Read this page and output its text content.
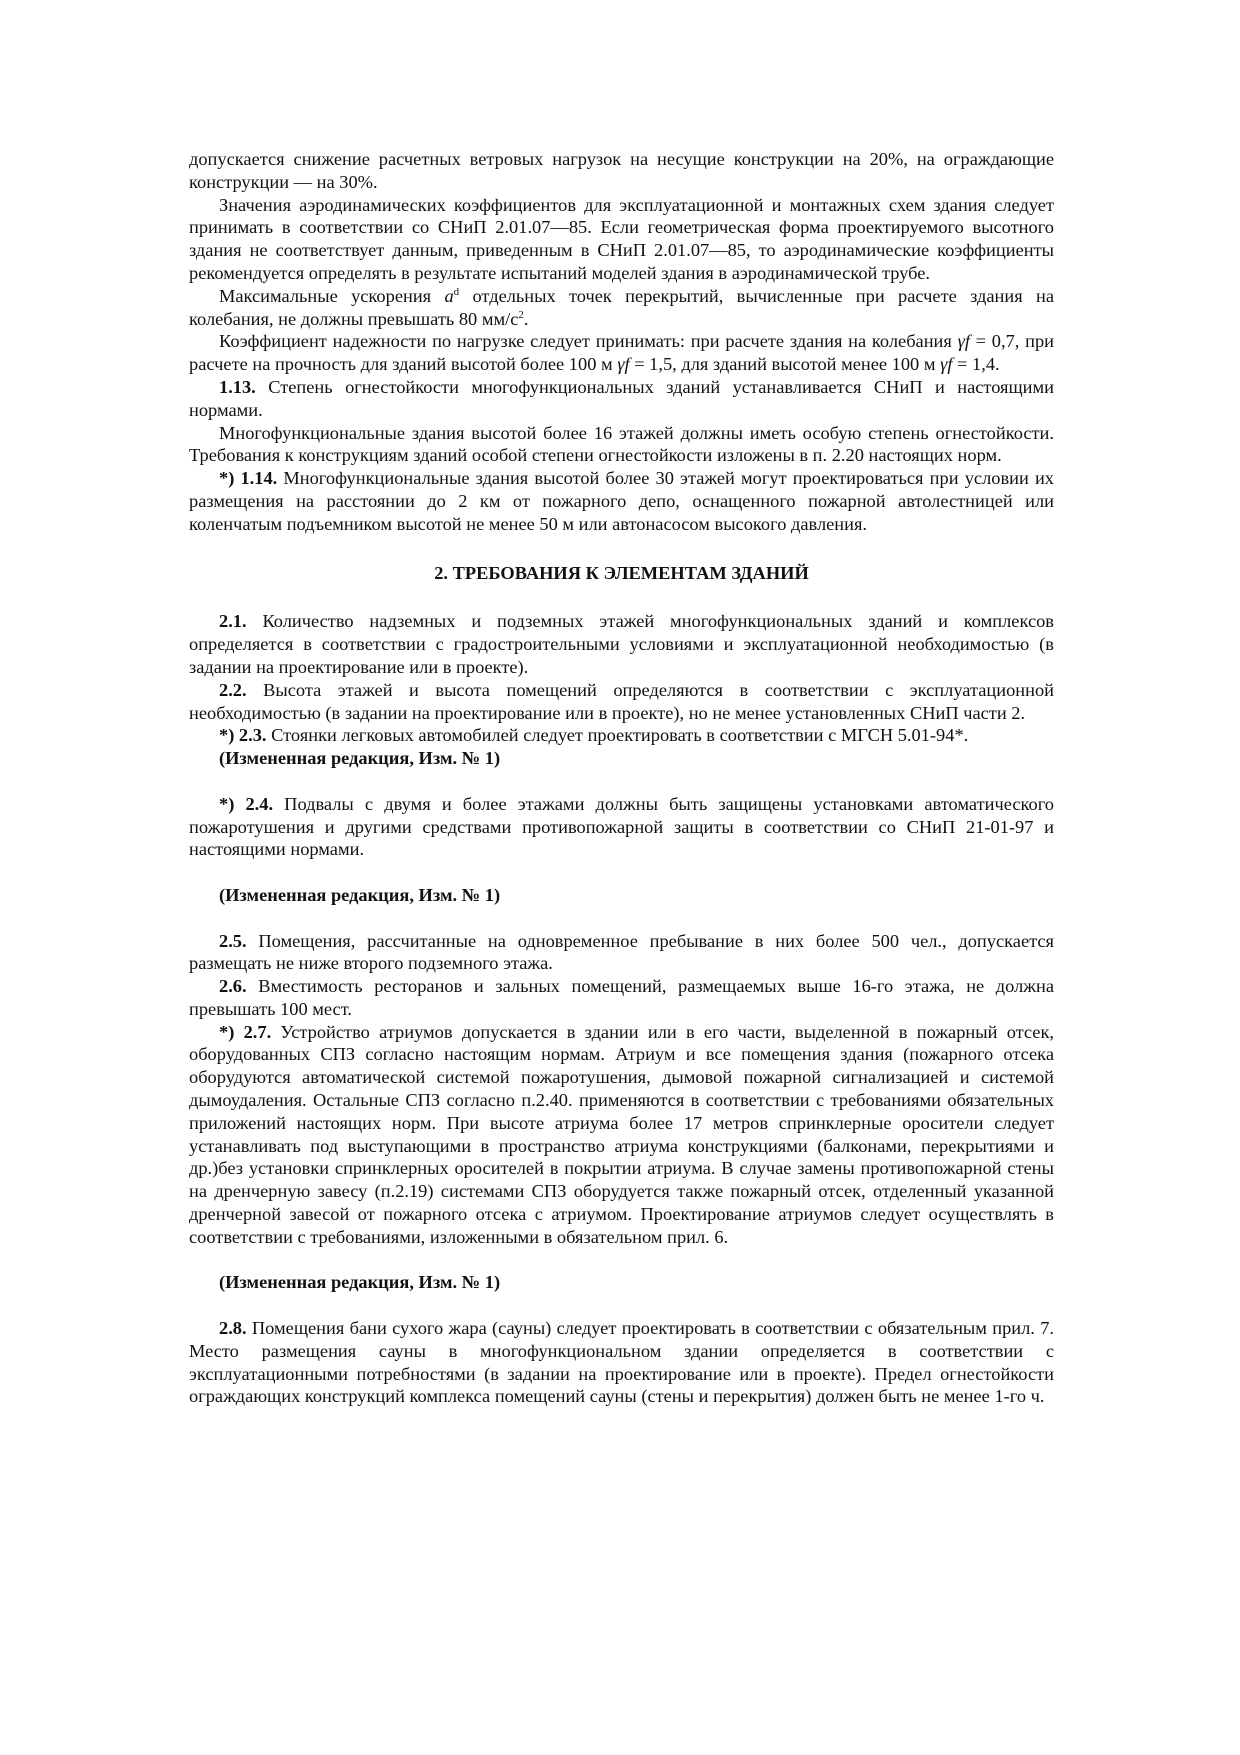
допускается снижение расчетных ветровых нагрузок на несущие конструкции на 20%, на ограждающие конструкции — на 30%.

Значения аэродинамических коэффициентов для эксплуатационной и монтажных схем здания следует принимать в соответствии со СНиП 2.01.07—85. Если геометрическая форма проектируемого высотного здания не соответствует данным, приведенным в СНиП 2.01.07—85, то аэродинамические коэффициенты рекомендуется определять в результате испытаний моделей здания в аэродинамической трубе.

Максимальные ускорения $a^d$ отдельных точек перекрытий, вычисленные при расчете здания на колебания, не должны превышать 80 $мм/с^2$.

Коэффициент надежности по нагрузке следует принимать: при расчете здания на колебания γf = 0,7, при расчете на прочность для зданий высотой более 100 м γf = 1,5, для зданий высотой менее 100 м γf = 1,4.

1.13. Степень огнестойкости многофункциональных зданий устанавливается СНиП и настоящими нормами.

Многофункциональные здания высотой более 16 этажей должны иметь особую степень огнестойкости. Требования к конструкциям зданий особой степени огнестойкости изложены в п. 2.20 настоящих норм.

*) 1.14. Многофункциональные здания высотой более 30 этажей могут проектироваться при условии их размещения на расстоянии до 2 км от пожарного депо, оснащенного пожарной автолестницей или коленчатым подъемником высотой не менее 50 м или автонасосом высокого давления.

2. ТРЕБОВАНИЯ К ЭЛЕМЕНТАМ ЗДАНИЙ

2.1. Количество надземных и подземных этажей многофункциональных зданий и комплексов определяется в соответствии с градостроительными условиями и эксплуатационной необходимостью (в задании на проектирование или в проекте).

2.2. Высота этажей и высота помещений определяются в соответствии с эксплуатационной необходимостью (в задании на проектирование или в проекте), но не менее установленных СНиП части 2.

*) 2.3. Стоянки легковых автомобилей следует проектировать в соответствии с МГСН 5.01-94*.

(Измененная редакция, Изм. № 1)

*) 2.4. Подвалы с двумя и более этажами должны быть защищены установками автоматического пожаротушения и другими средствами противопожарной защиты в соответствии со СНиП 21-01-97 и настоящими нормами.

(Измененная редакция, Изм. № 1)

2.5. Помещения, рассчитанные на одновременное пребывание в них более 500 чел., допускается размещать не ниже второго подземного этажа.

2.6. Вместимость ресторанов и зальных помещений, размещаемых выше 16-го этажа, не должна превышать 100 мест.

*) 2.7. Устройство атриумов допускается в здании или в его части, выделенной в пожарный отсек, оборудованных СПЗ согласно настоящим нормам. Атриум и все помещения здания (пожарного отсека оборудуются автоматической системой пожаротушения, дымовой пожарной сигнализацией и системой дымоудаления. Остальные СПЗ согласно п.2.40. применяются в соответствии с требованиями обязательных приложений настоящих норм. При высоте атриума более 17 метров спринклерные оросители следует устанавливать под выступающими в пространство атриума конструкциями (балконами, перекрытиями и др.)без установки спринклерных оросителей в покрытии атриума. В случае замены противопожарной стены на дренчерную завесу (п.2.19) системами СПЗ оборудуется также пожарный отсек, отделенный указанной дренчерной завесой от пожарного отсека с атриумом. Проектирование атриумов следует осуществлять в соответствии с требованиями, изложенными в обязательном прил. 6.

(Измененная редакция, Изм. № 1)

2.8. Помещения бани сухого жара (сауны) следует проектировать в соответствии с обязательным прил. 7. Место размещения сауны в многофункциональном здании определяется в соответствии с эксплуатационными потребностями (в задании на проектирование или в проекте). Предел огнестойкости ограждающих конструкций комплекса помещений сауны (стены и перекрытия) должен быть не менее 1-го ч.
